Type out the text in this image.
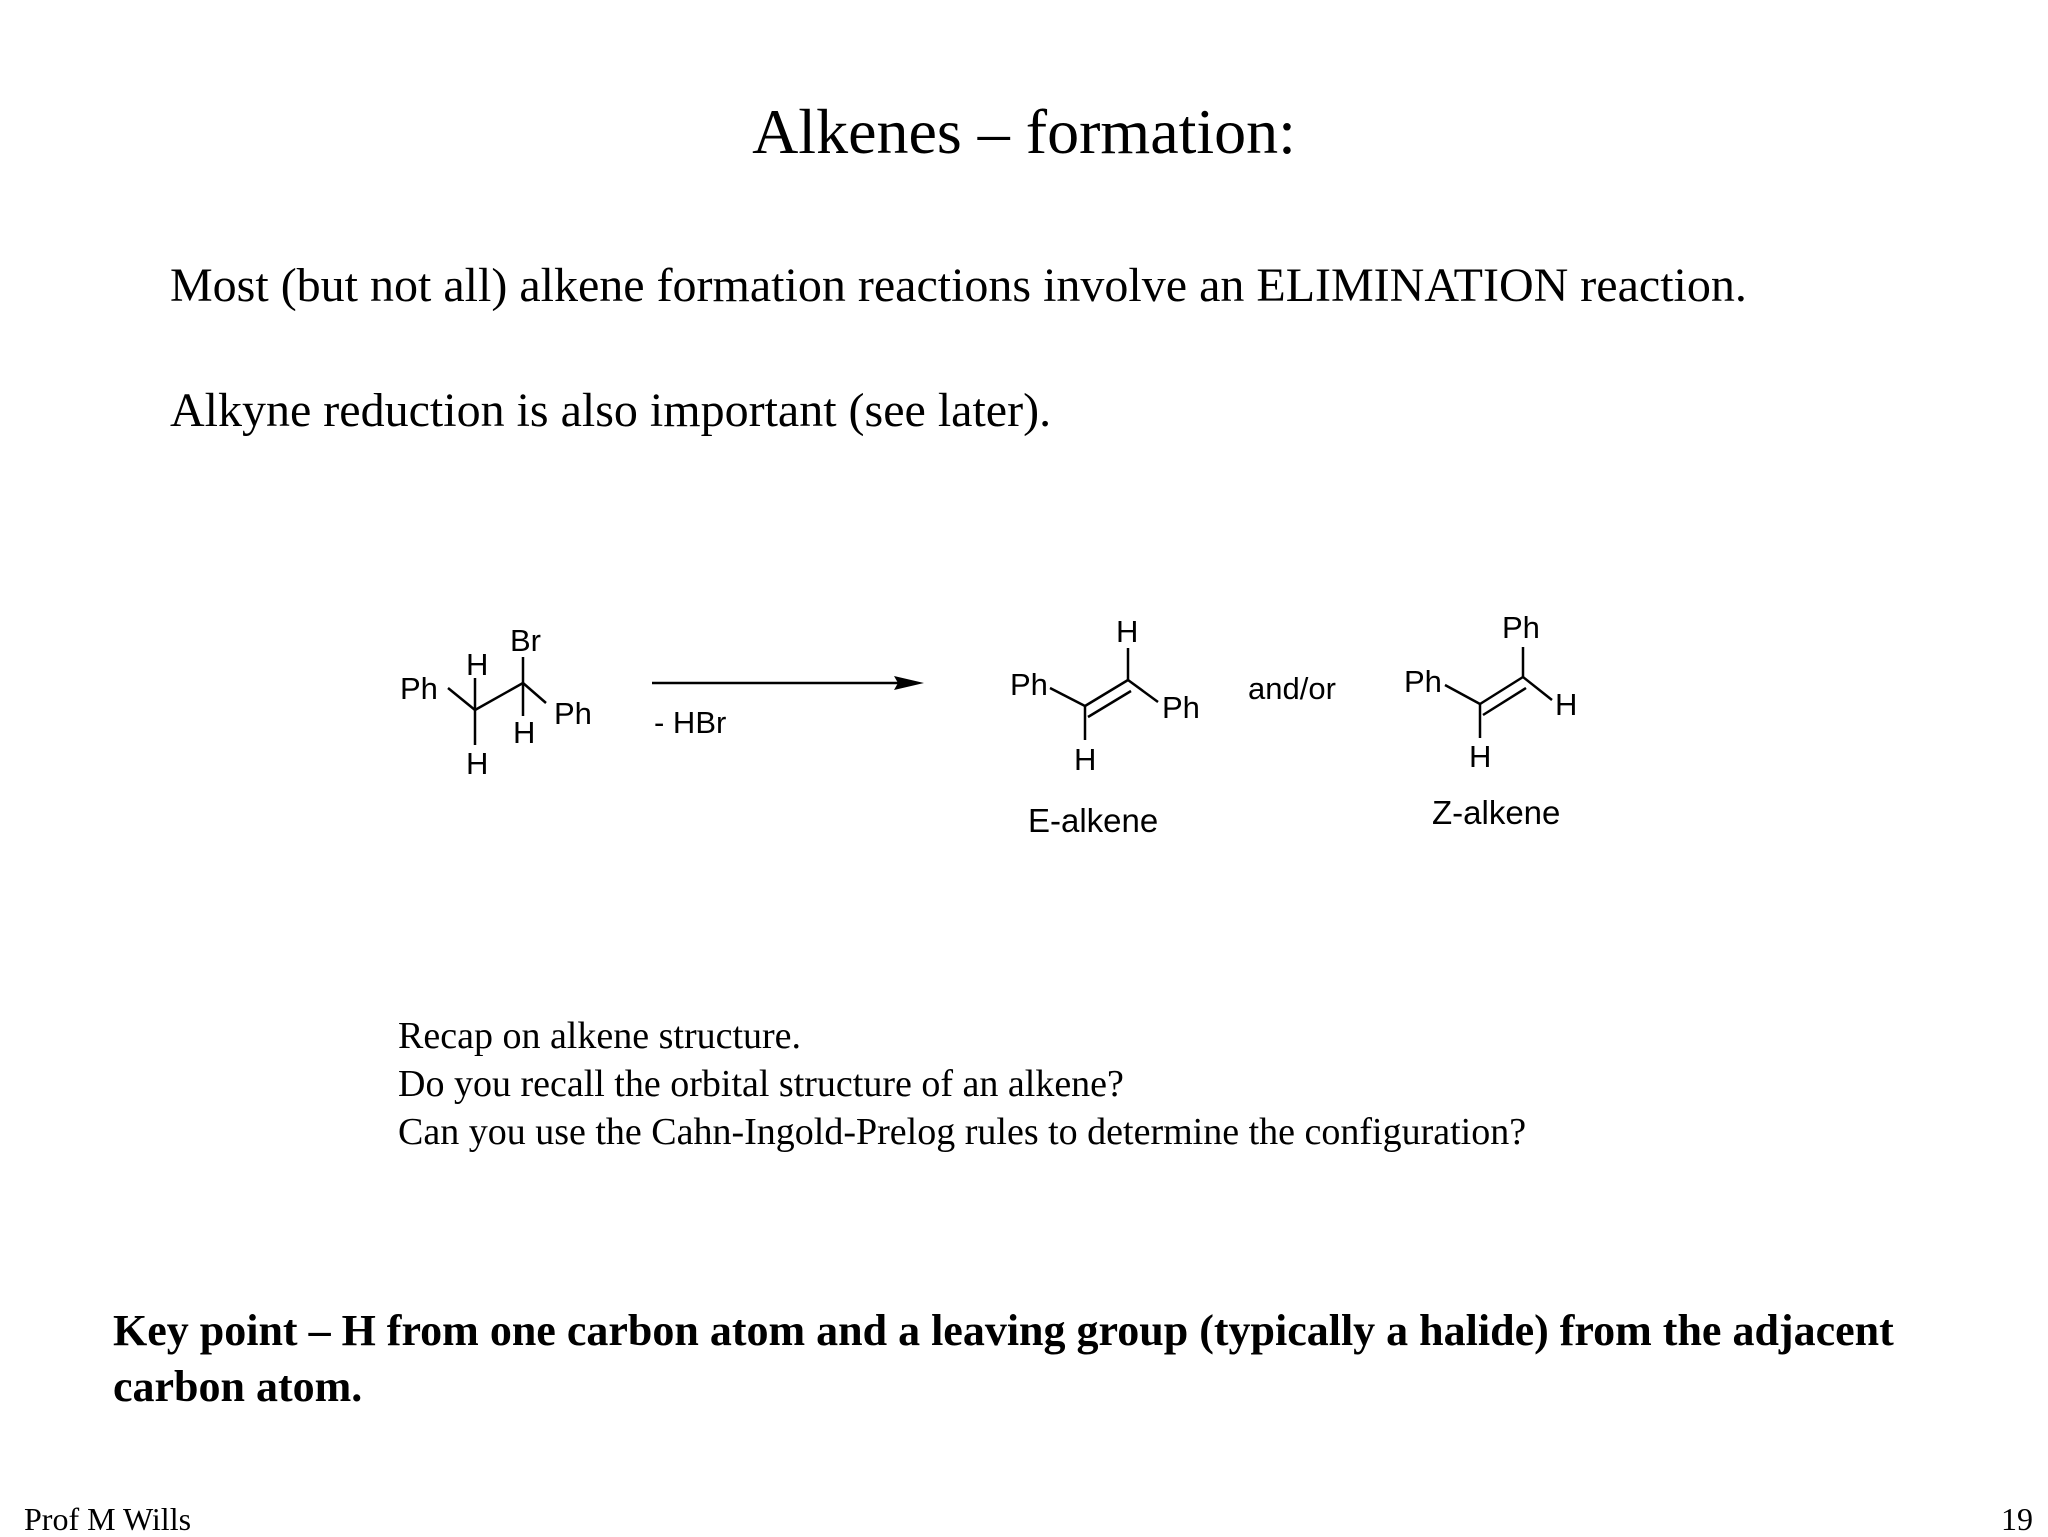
Alkenes – formation:

Most (but not all) alkene formation reactions involve an ELIMINATION reaction.

Alkyne reduction is also important (see later).

Ph
H
Br
Ph
H
H
- HBr
Ph
H
Ph
H
E-alkene
and/or Ph
Ph
H
H
Z-alkene
Recap on alkene structure.
Do you recall the orbital structure of an alkene?
Can you use the Cahn-Ingold-Prelog rules to determine the configuration?

Key point – H from one carbon atom and a leaving group (typically a halide) from the adjacent carbon atom.

Prof M Wills	19
